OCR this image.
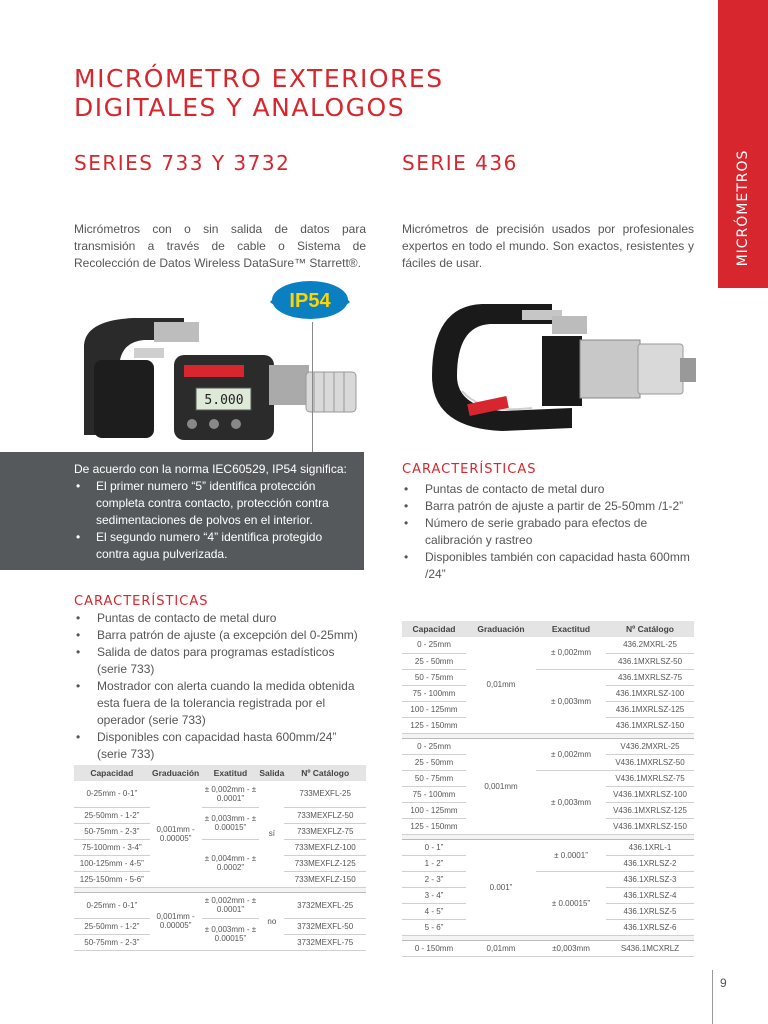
MICRÓMETROS
MICRÓMETRO EXTERIORES
DIGITALES Y ANALOGOS
SERIES 733 Y 3732	SERIE 436

Micrómetros con o sin salida de datos para transmisión a través de cable o Sistema de Recolección de Datos Wireless DataSure™ Starrett®.

Micrómetros de precisión usados por profesionales expertos en todo el mundo. Son exactos, resistentes y fáciles de usar.

5.000
IP54
De acuerdo con la norma IEC60529, IP54 significa:
• El primer numero “5” identifica protección completa contra contacto, protección contra sedimentaciones de polvos en el interior.
• El segundo numero “4” identifica protegido contra agua pulverizada.
CARACTERÍSTICAS
• Puntas de contacto de metal duro
• Barra patrón de ajuste (a excepción del 0-25mm)
• Salida de datos para programas estadísticos (serie 733)
• Mostrador con alerta cuando la medida obtenida esta fuera de la tolerancia registrada por el operador (serie 733)
• Disponibles con capacidad hasta 600mm/24” (serie 733)
CARACTERÍSTICAS
• Puntas de contacto de metal duro
• Barra patrón de ajuste a partir de 25-50mm /1-2”
• Número de serie grabado para efectos de calibración y rastreo
• Disponibles también con capacidad hasta 600mm /24”
Capacidad	Graduación	Exatitud	Salida	Nº Catálogo
0-25mm - 0-1”	0,001mm - 0.00005”	± 0,002mm - ± 0.0001”	sí	733MEXFL-25
25-50mm - 1-2”		± 0,003mm - ± 0.00015”		733MEXFLZ-50
50-75mm - 2-3”				733MEXFLZ-75
75-100mm - 3-4”		± 0,004mm - ± 0.0002”		733MEXFLZ-100
100-125mm - 4-5”				733MEXFLZ-125
125-150mm - 5-6”				733MEXFLZ-150

0-25mm - 0-1”	0,001mm - 0.00005”	± 0,002mm - ± 0.0001”	no	3732MEXFL-25
25-50mm - 1-2”		± 0,003mm - ± 0.00015”		3732MEXFL-50
50-75mm - 2-3”				3732MEXFL-75
Capacidad	Graduación	Exactitud	Nº Catálogo
0 - 25mm	0,01mm	± 0,002mm	436.2MXRL-25
25 - 50mm			436.1MXRLSZ-50
50 - 75mm		± 0,003mm	436.1MXRLSZ-75
75 - 100mm			436.1MXRLSZ-100
100 - 125mm			436.1MXRLSZ-125
125 - 150mm			436.1MXRLSZ-150

0 - 25mm	0,001mm	± 0,002mm	V436.2MXRL-25
25 - 50mm			V436.1MXRLSZ-50
50 - 75mm		± 0,003mm	V436.1MXRLSZ-75
75 - 100mm			V436.1MXRLSZ-100
100 - 125mm			V436.1MXRLSZ-125
125 - 150mm			V436.1MXRLSZ-150

0 - 1”	0.001”	± 0.0001”	436.1XRL-1
1 - 2”			436.1XRLSZ-2
2 - 3”		± 0.00015”	436.1XRLSZ-3
3 - 4”			436.1XRLSZ-4
4 - 5”			436.1XRLSZ-5
5 - 6”			436.1XRLSZ-6

0 - 150mm	0,01mm	±0,003mm	S436.1MCXRLZ
9
